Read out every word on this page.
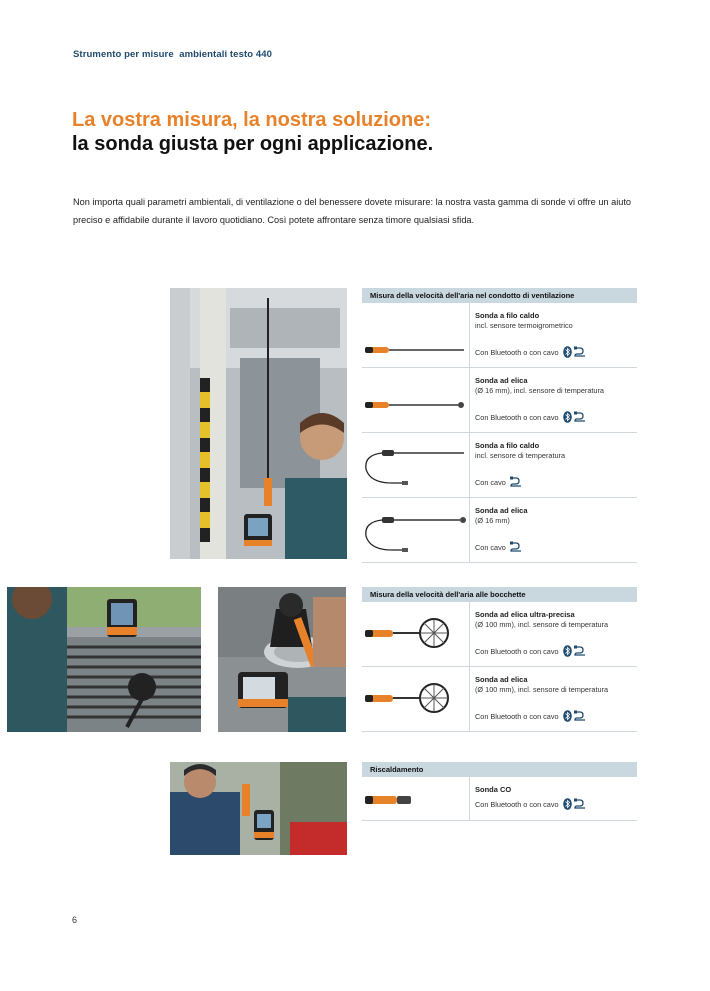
Strumento per misure  ambientali testo 440
La vostra misura, la nostra soluzione:
la sonda giusta per ogni applicazione.
Non importa quali parametri ambientali, di ventilazione o del benessere dovete misurare: la nostra vasta gamma di sonde vi offre un aiuto preciso e affidabile durante il lavoro quotidiano. Così potete affrontare senza timore qualsiasi sfida.
Misura della velocità dell'aria nel condotto di ventilazione
Sonda a filo caldo
incl. sensore termoigrometrico
Con Bluetooth o con cavo
Sonda ad elica
(Ø 16 mm), incl. sensore di temperatura
Con Bluetooth o con cavo
Sonda a filo caldo
incl. sensore di temperatura
Con cavo
Sonda ad elica
(Ø 16 mm)
Con cavo
Misura della velocità dell'aria alle bocchette
Sonda ad elica ultra-precisa
(Ø 100 mm), incl. sensore di temperatura
Con Bluetooth o con cavo
Sonda ad elica
(Ø 100 mm), incl. sensore di temperatura
Con Bluetooth o con cavo
Riscaldamento
Sonda CO
Con Bluetooth o con cavo
6
